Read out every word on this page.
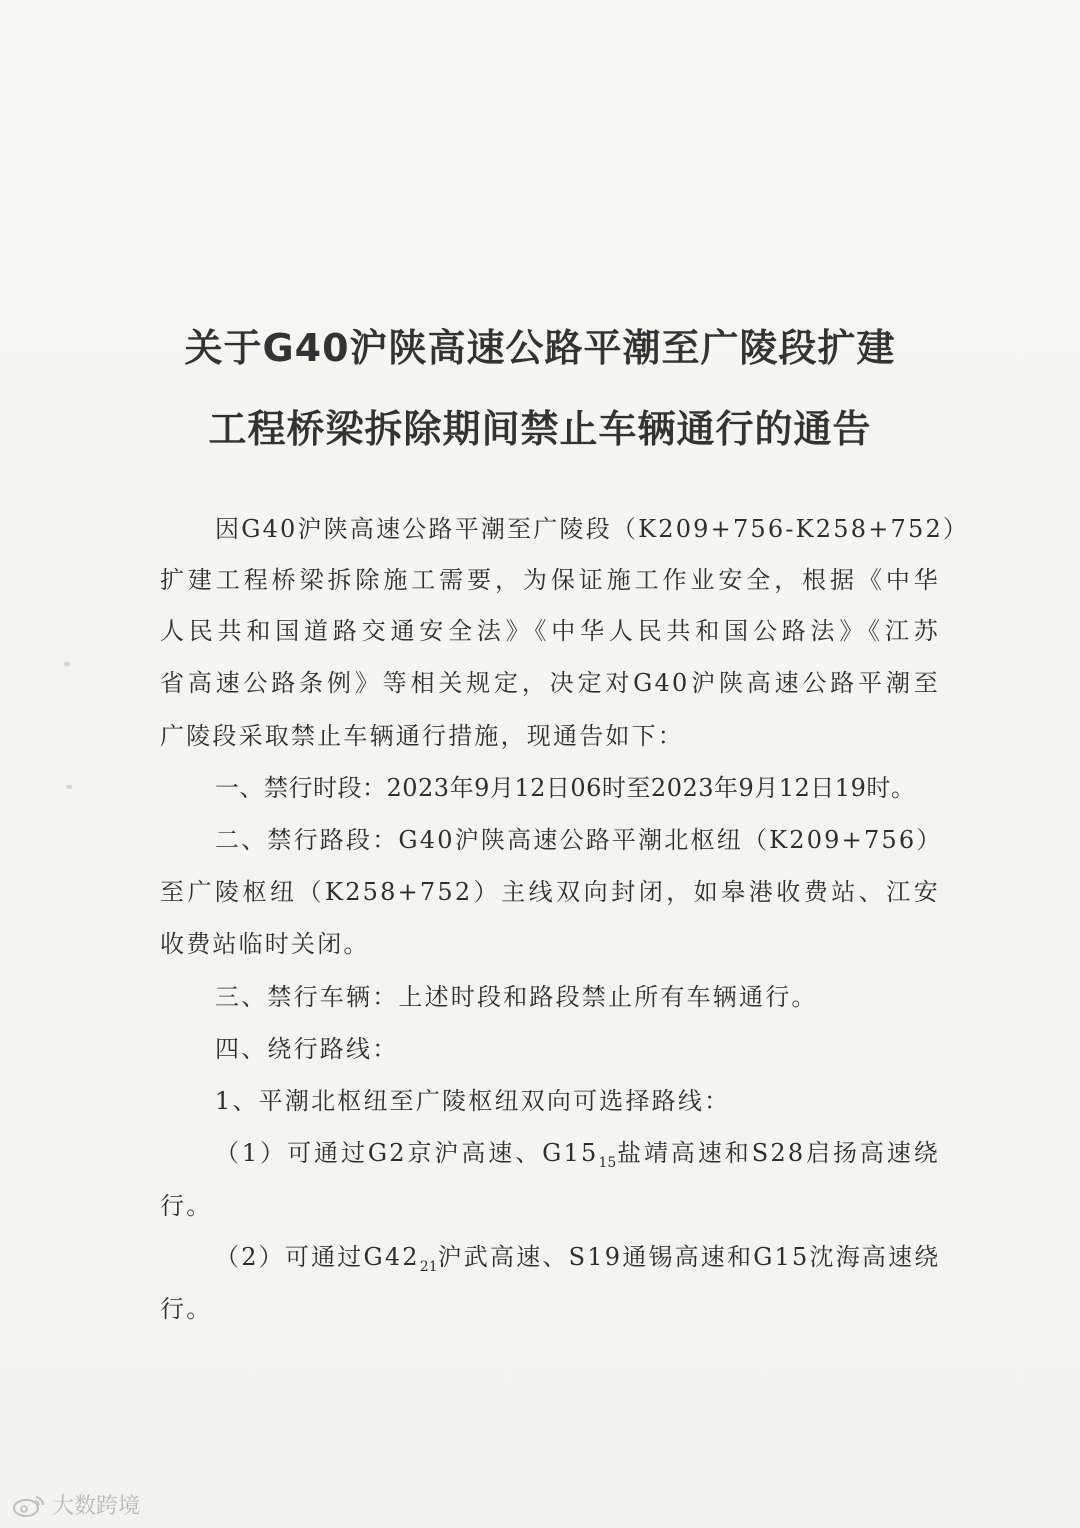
关于G40沪陕高速公路平潮至广陵段扩建
工程桥梁拆除期间禁止车辆通行的通告
因G40沪陕高速公路平潮至广陵段（K209+756-K258+752）
扩建工程桥梁拆除施工需要，为保证施工作业安全，根据《中华
人民共和国道路交通安全法》《中华人民共和国公路法》《江苏
省高速公路条例》等相关规定，决定对G40沪陕高速公路平潮至
广陵段采取禁止车辆通行措施，现通告如下：
一、禁行时段：2023年9月12日06时至2023年9月12日19时。
二、禁行路段：G40沪陕高速公路平潮北枢纽（K209+756）
至广陵枢纽（K258+752）主线双向封闭，如皋港收费站、江安
收费站临时关闭。
三、禁行车辆：上述时段和路段禁止所有车辆通行。
四、绕行路线：
1、平潮北枢纽至广陵枢纽双向可选择路线：
（1）可通过G2京沪高速、$G15_{15}$盐靖高速和S28启扬高速绕
行。
（2）可通过$G42_{21}$沪武高速、S19通锡高速和G15沈海高速绕
行。
大数跨境
